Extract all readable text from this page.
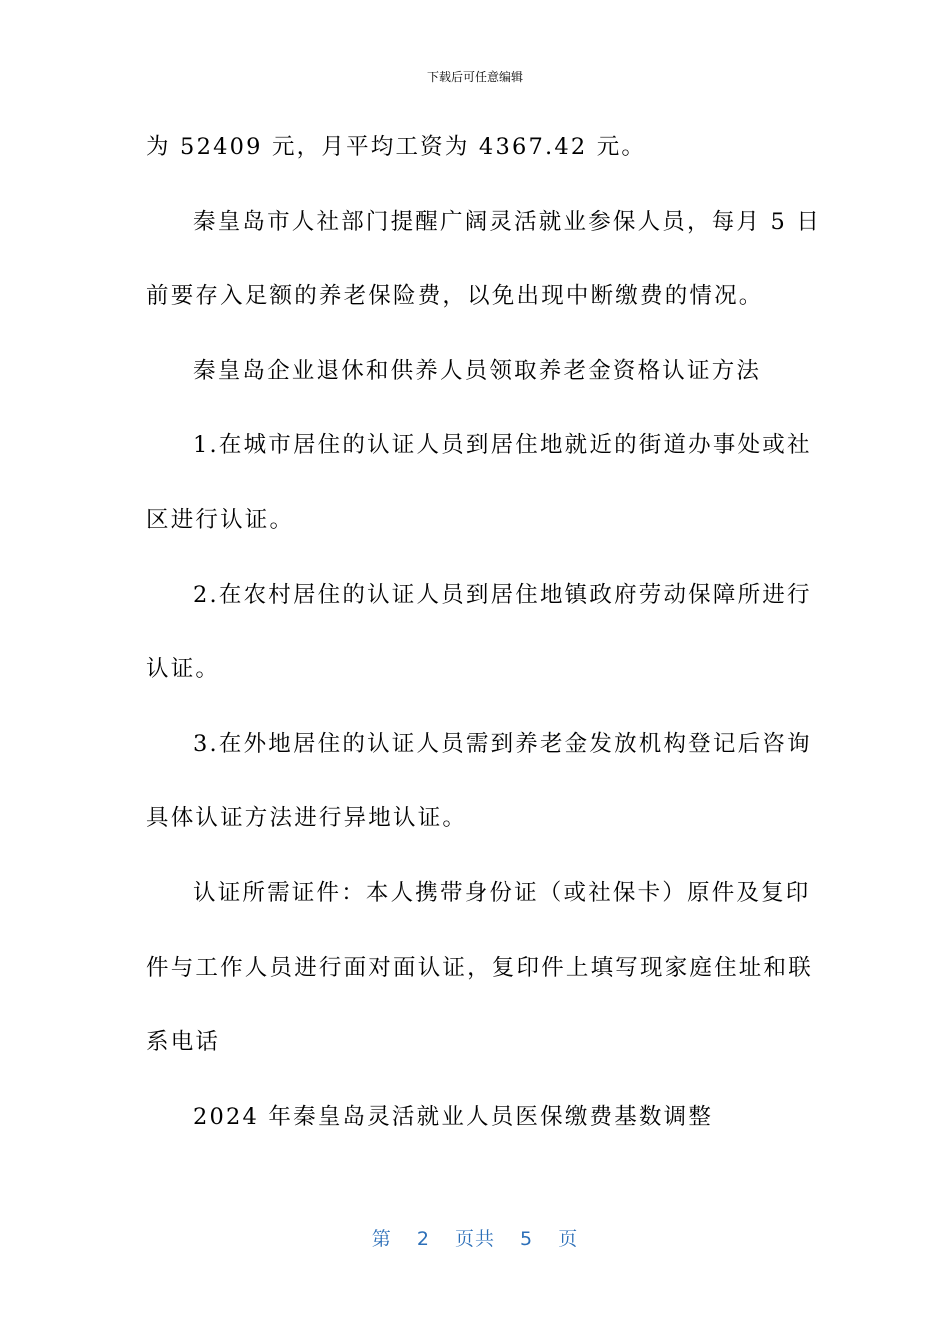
下载后可任意编辑

为 52409 元，月平均工资为 4367.42 元。

秦皇岛市人社部门提醒广阔灵活就业参保人员，每月 5 日

前要存入足额的养老保险费，以免出现中断缴费的情况。

秦皇岛企业退休和供养人员领取养老金资格认证方法

1.在城市居住的认证人员到居住地就近的街道办事处或社

区进行认证。

2.在农村居住的认证人员到居住地镇政府劳动保障所进行

认证。

3.在外地居住的认证人员需到养老金发放机构登记后咨询

具体认证方法进行异地认证。

认证所需证件：本人携带身份证（或社保卡）原件及复印

件与工作人员进行面对面认证，复印件上填写现家庭住址和联

系电话

2024 年秦皇岛灵活就业人员医保缴费基数调整

第 2 页共 5 页
